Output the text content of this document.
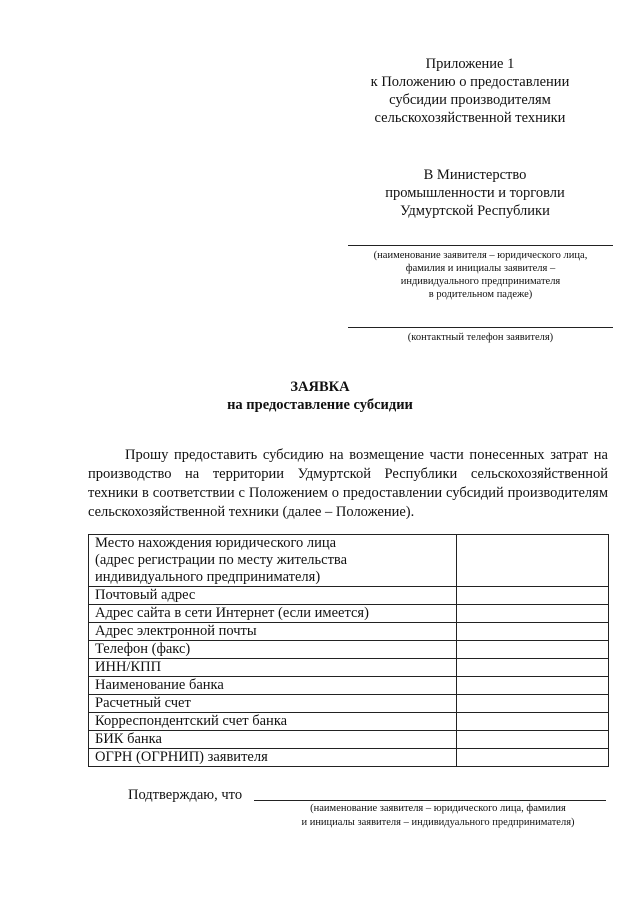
Приложение 1
к Положению о предоставлении
субсидии производителям
сельскохозяйственной техники
В Министерство
промышленности и торговли
Удмуртской Республики
(наименование заявителя – юридического лица,
фамилия и инициалы заявителя –
индивидуального предпринимателя
в родительном падеже)
(контактный телефон заявителя)
ЗАЯВКА
на предоставление субсидии
Прошу предоставить субсидию на возмещение части понесенных затрат на производство на территории Удмуртской Республики сельскохозяйственной техники в соответствии с Положением о предоставлении субсидий производителям сельскохозяйственной техники (далее – Положение).
Место нахождения юридического лица
(адрес регистрации по месту жительства
индивидуального предпринимателя)	

Почтовый адрес	
Адрес сайта в сети Интернет (если имеется)	
Адрес электронной почты	
Телефон (факс)	
ИНН/КПП	
Наименование банка	
Расчетный счет	
Корреспондентский счет банка	
БИК банка	
ОГРН (ОГРНИП) заявителя	
Подтверждаю, что
(наименование заявителя – юридического лица, фамилия
и инициалы заявителя – индивидуального предпринимателя)
